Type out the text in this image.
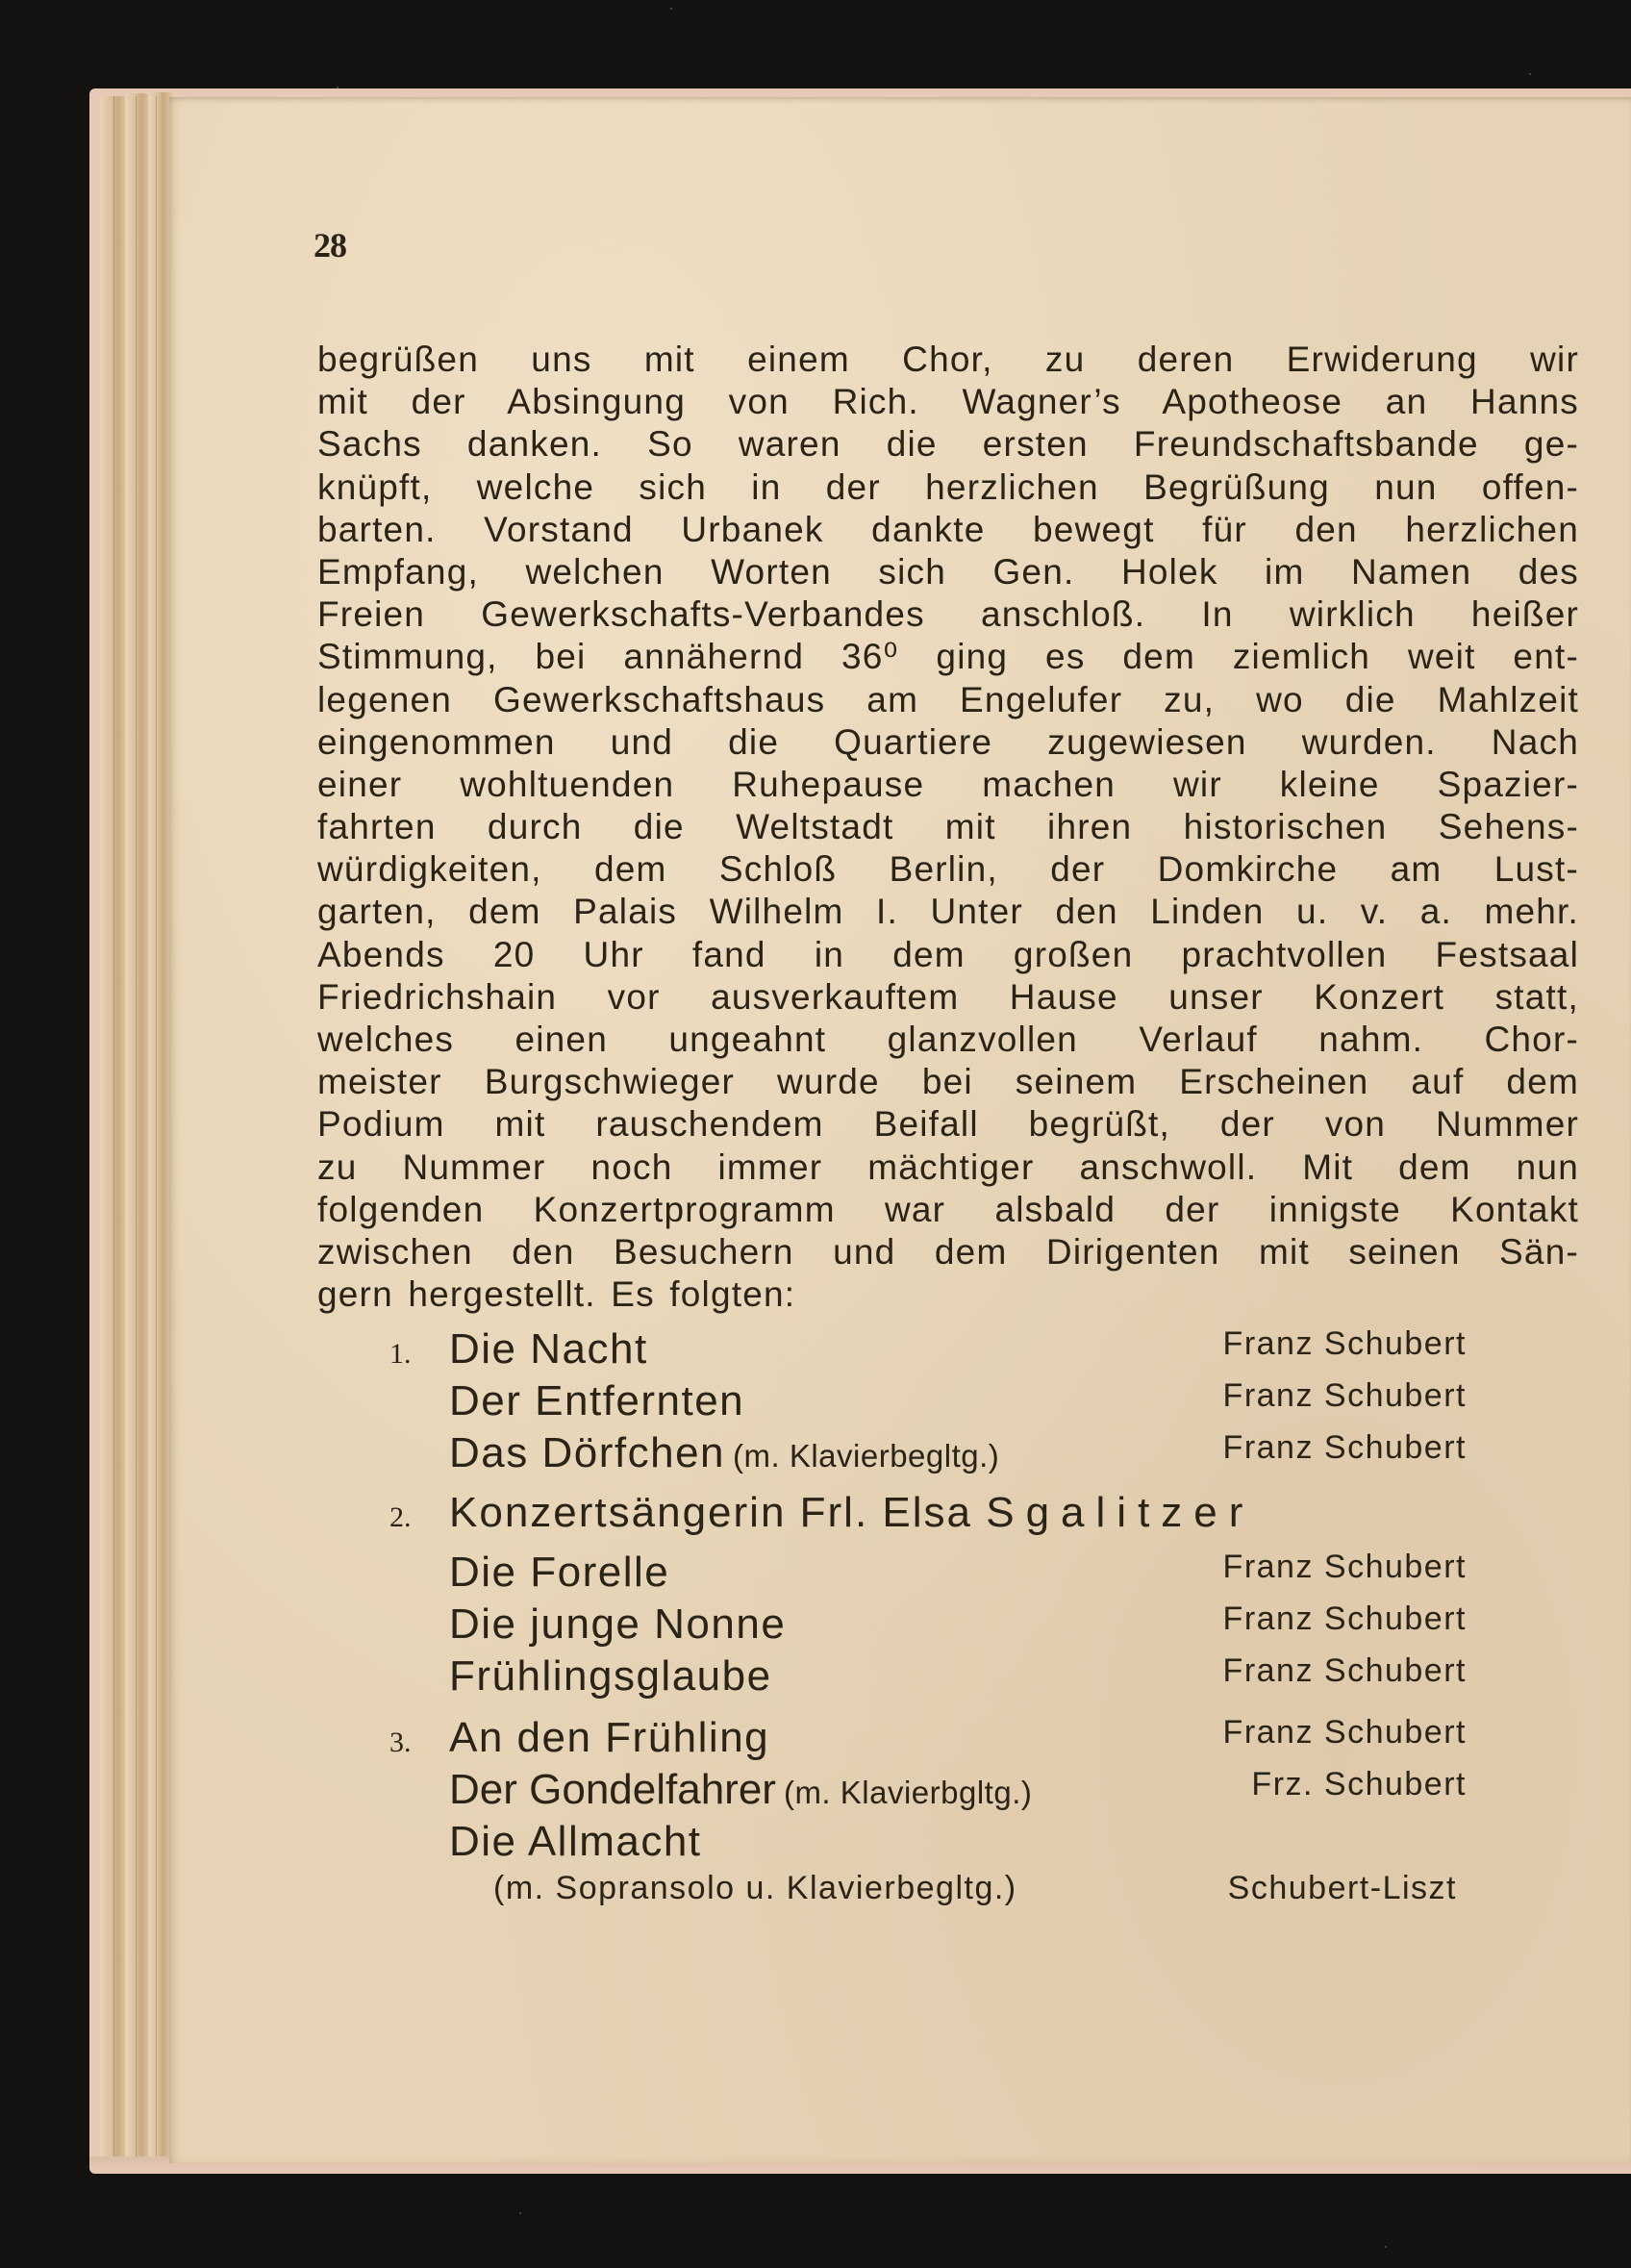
28
begrüßen uns mit einem Chor, zu deren Erwiderung wir
mit der Absingung von Rich. Wagner’s Apotheose an Hanns
Sachs danken. So waren die ersten Freundschaftsbande ge-
knüpft, welche sich in der herzlichen Begrüßung nun offen-
barten. Vorstand Urbanek dankte bewegt für den herzlichen
Empfang, welchen Worten sich Gen. Holek im Namen des
Freien Gewerkschafts-Verbandes anschloß. In wirklich heißer
Stimmung, bei annähernd 36⁰ ging es dem ziemlich weit ent-
legenen Gewerkschaftshaus am Engelufer zu, wo die Mahlzeit
eingenommen und die Quartiere zugewiesen wurden. Nach
einer wohltuenden Ruhepause machen wir kleine Spazier-
fahrten durch die Weltstadt mit ihren historischen Sehens-
würdigkeiten, dem Schloß Berlin, der Domkirche am Lust-
garten, dem Palais Wilhelm I. Unter den Linden u. v. a. mehr.
Abends 20 Uhr fand in dem großen prachtvollen Festsaal
Friedrichshain vor ausverkauftem Hause unser Konzert statt,
welches einen ungeahnt glanzvollen Verlauf nahm. Chor-
meister Burgschwieger wurde bei seinem Erscheinen auf dem
Podium mit rauschendem Beifall begrüßt, der von Nummer
zu Nummer noch immer mächtiger anschwoll. Mit dem nun
folgenden Konzertprogramm war alsbald der innigste Kontakt
zwischen den Besuchern und dem Dirigenten mit seinen Sän-
gern hergestellt. Es folgten:
1. Die Nacht	Franz Schubert
Der Entfernten	Franz Schubert
Das Dörfchen (m. Klavierbegltg.)	Franz Schubert
2. Konzertsängerin Frl. Elsa Sgalitzer
Die Forelle	Franz Schubert
Die junge Nonne	Franz Schubert
Frühlingsglaube	Franz Schubert
3. An den Frühling	Franz Schubert
Der Gondelfahrer (m. Klavierbgltg.)	Frz. Schubert
Die Allmacht
(m. Sopransolo u. Klavierbegltg.)	Schubert-Liszt
